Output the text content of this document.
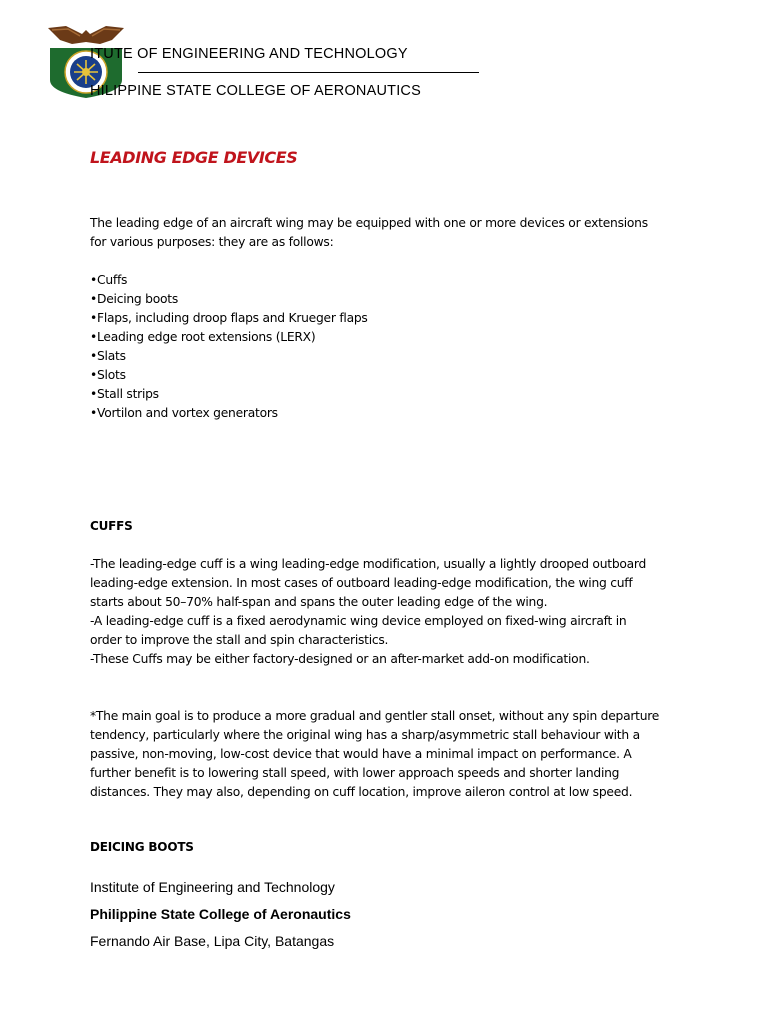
ITUTE OF ENGINEERING AND TECHNOLOGY
HILIPPINE STATE COLLEGE OF AERONAUTICS
LEADING EDGE DEVICES
The leading edge of an aircraft wing may be equipped with one or more devices or extensions
for various purposes: they are as follows:
•Cuffs
•Deicing boots
•Flaps, including droop flaps and Krueger flaps
•Leading edge root extensions (LERX)
•Slats
•Slots
•Stall strips
•Vortilon and vortex generators
CUFFS
-The leading-edge cuff is a wing leading-edge modification, usually a lightly drooped outboard
leading-edge extension. In most cases of outboard leading-edge modification, the wing cuff
starts about 50–70% half-span and spans the outer leading edge of the wing.
-A leading-edge cuff is a fixed aerodynamic wing device employed on fixed-wing aircraft in
order to improve the stall and spin characteristics.
-These Cuffs may be either factory-designed or an after-market add-on modification.
*The main goal is to produce a more gradual and gentler stall onset, without any spin departure
tendency, particularly where the original wing has a sharp/asymmetric stall behaviour with a
passive, non-moving, low-cost device that would have a minimal impact on performance. A
further benefit is to lowering stall speed, with lower approach speeds and shorter landing
distances. They may also, depending on cuff location, improve aileron control at low speed.
DEICING BOOTS
Institute of Engineering and Technology
Philippine State College of Aeronautics
Fernando Air Base, Lipa City, Batangas
